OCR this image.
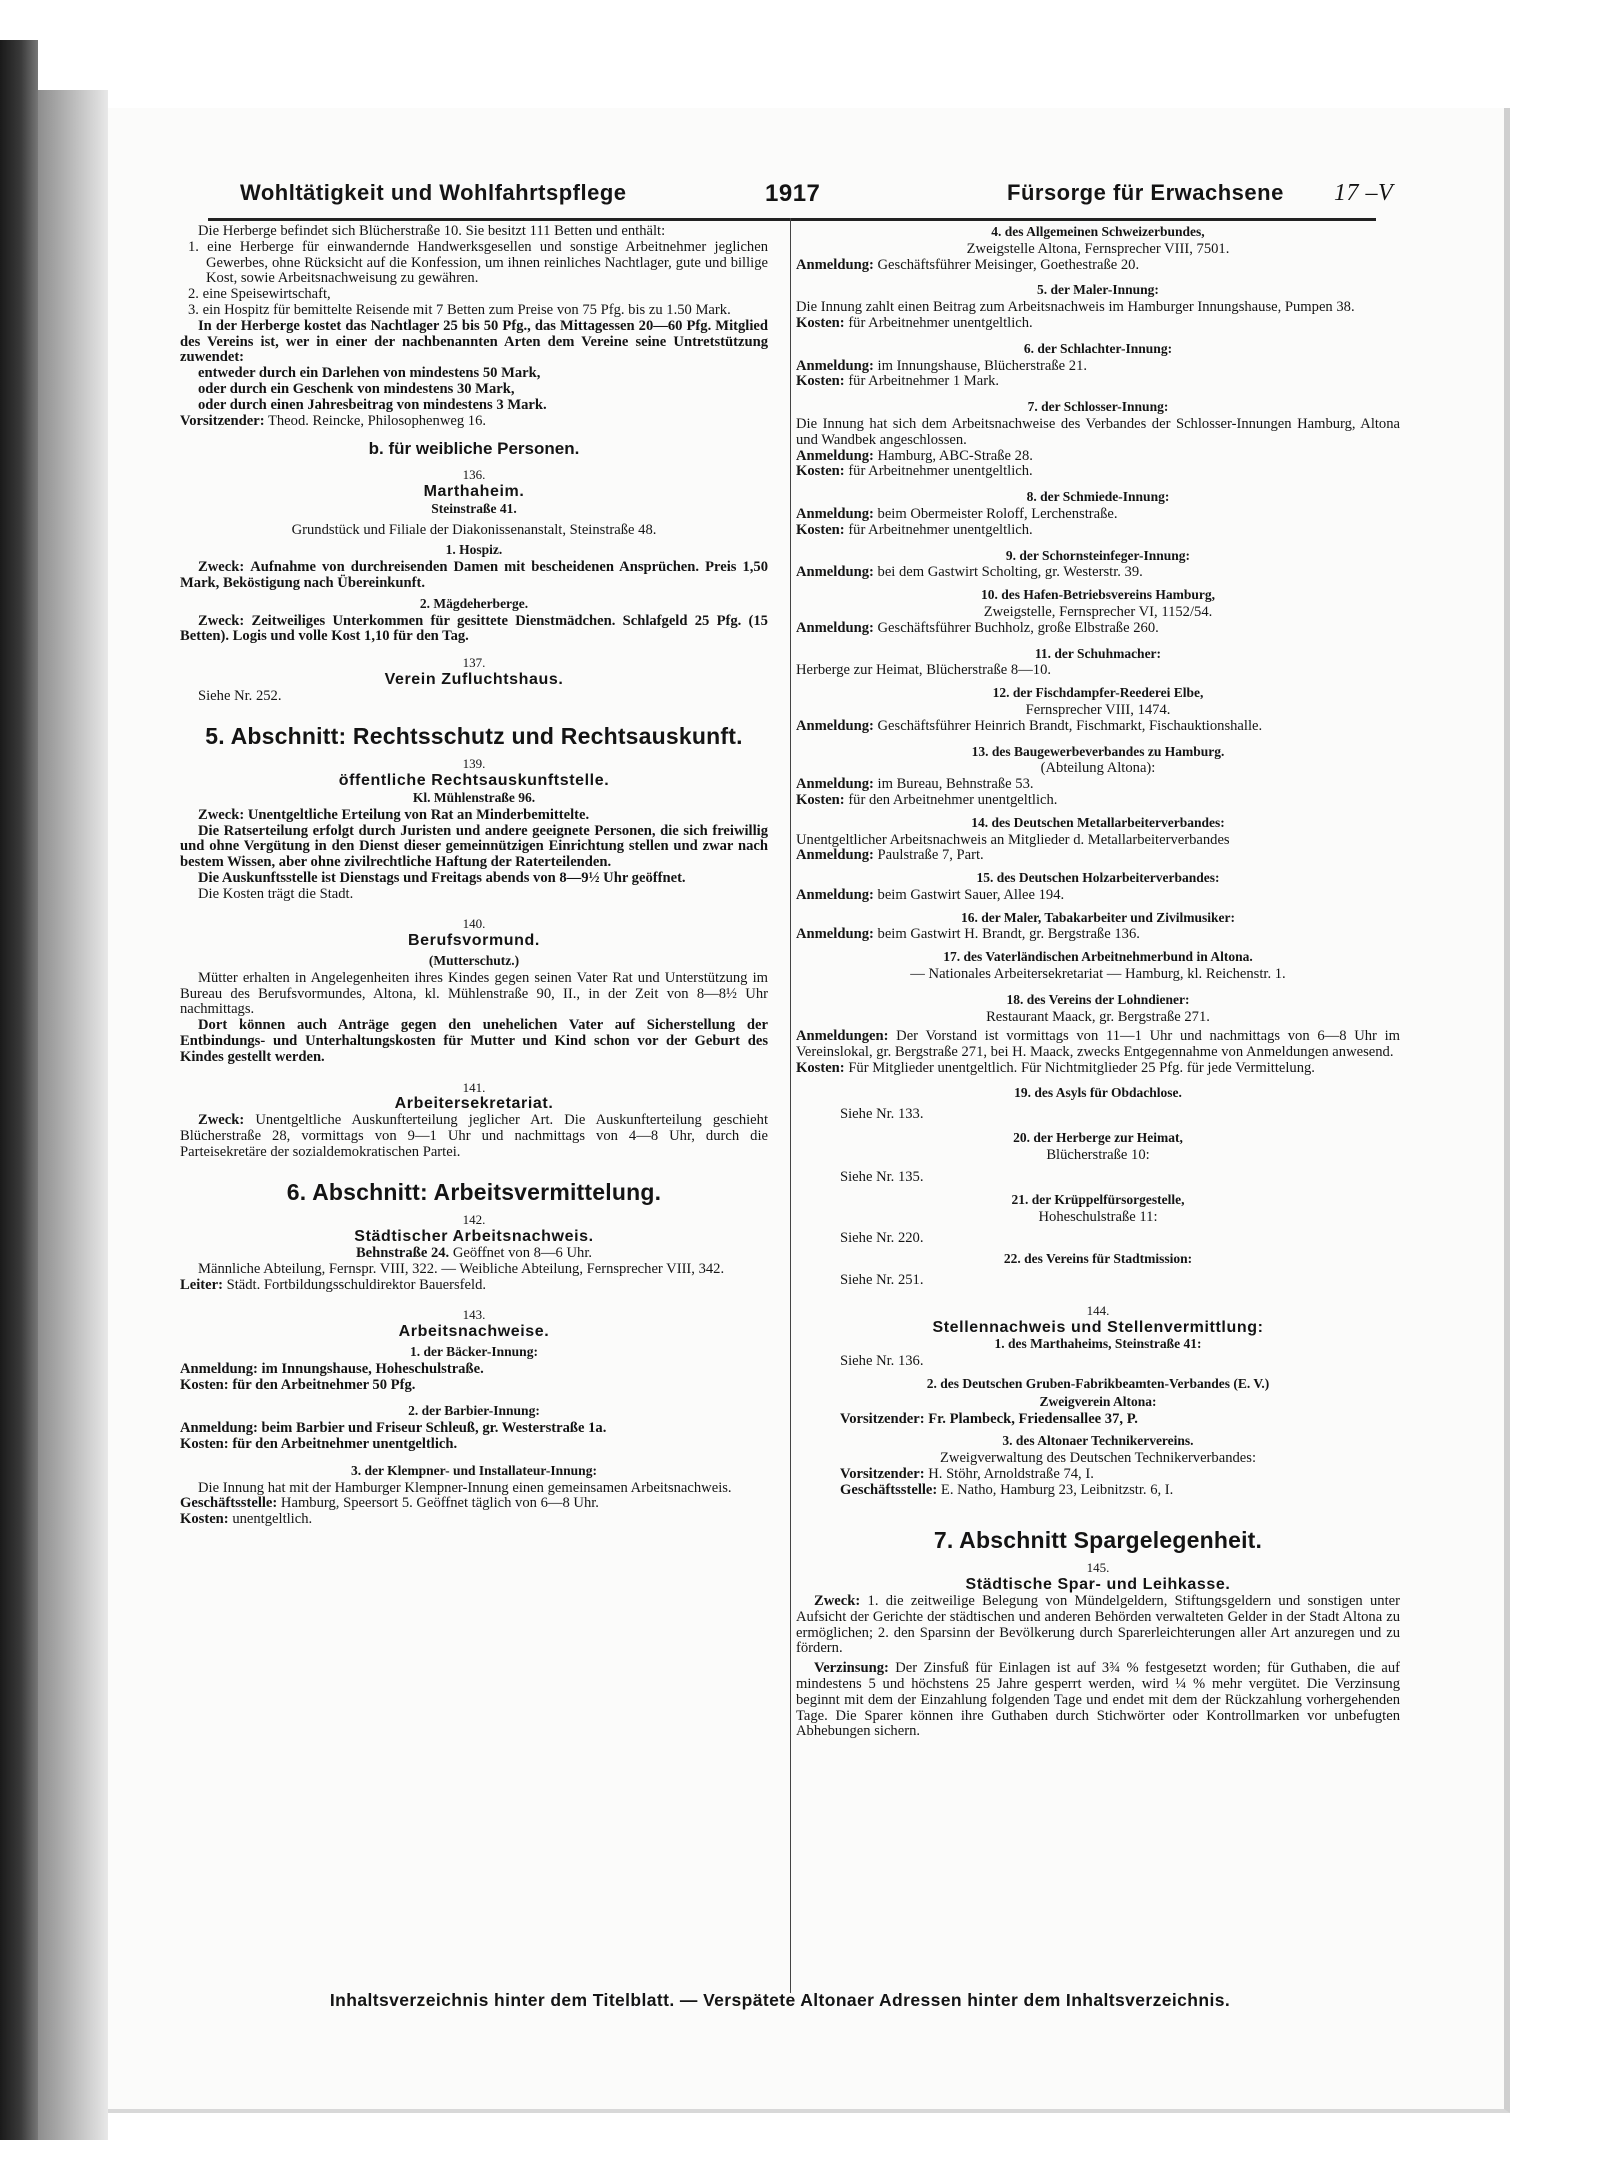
Wohltätigkeit und Wohlfahrtspflege	1917	Fürsorge für Erwachsene 17 –V

Die Herberge befindet sich Blücherstraße 10. Sie besitzt 111 Betten und enthält:

1. eine Herberge für einwandernde Handwerksgesellen und sonstige Arbeitnehmer jeglichen Gewerbes, ohne Rücksicht auf die Konfession, um ihnen reinliches Nachtlager, gute und billige Kost, sowie Arbeitsnachweisung zu gewähren.

2. eine Speisewirtschaft,

3. ein Hospitz für bemittelte Reisende mit 7 Betten zum Preise von 75 Pfg. bis zu 1.50 Mark.

In der Herberge kostet das Nachtlager 25 bis 50 Pfg., das Mittagessen 20—60 Pfg. Mitglied des Vereins ist, wer in einer der nachbenannten Arten dem Vereine seine Untretstützung zuwendet:

entweder durch ein Darlehen von mindestens 50 Mark,

oder durch ein Geschenk von mindestens 30 Mark,

oder durch einen Jahresbeitrag von mindestens 3 Mark.

Vorsitzender: Theod. Reincke, Philosophenweg 16.

b. für weibliche Personen.
136.
Marthaheim.
Steinstraße 41.

Grundstück und Filiale der Diakonissenanstalt, Steinstraße 48.

1. Hospiz.

Zweck: Aufnahme von durchreisenden Damen mit bescheidenen Ansprüchen. Preis 1,50 Mark, Beköstigung nach Übereinkunft.

2. Mägdeherberge.

Zweck: Zeitweiliges Unterkommen für gesittete Dienstmädchen. Schlafgeld 25 Pfg. (15 Betten). Logis und volle Kost 1,10 für den Tag.

137.
Verein Zufluchtshaus.

Siehe Nr. 252.

5. Abschnitt: Rechtsschutz und Rechtsauskunft.
139.
öffentliche Rechtsauskunftstelle.
Kl. Mühlenstraße 96.

Zweck: Unentgeltliche Erteilung von Rat an Minderbemittelte.

Die Ratserteilung erfolgt durch Juristen und andere geeignete Personen, die sich freiwillig und ohne Vergütung in den Dienst dieser gemeinnützigen Einrichtung stellen und zwar nach bestem Wissen, aber ohne zivilrechtliche Haftung der Raterteilenden.

Die Auskunftsstelle ist Dienstags und Freitags abends von 8—9½ Uhr geöffnet.

Die Kosten trägt die Stadt.

140.
Berufsvormund.
(Mutterschutz.)

Mütter erhalten in Angelegenheiten ihres Kindes gegen seinen Vater Rat und Unterstützung im Bureau des Berufsvormundes, Altona, kl. Mühlenstraße 90, II., in der Zeit von 8—8½ Uhr nachmittags.

Dort können auch Anträge gegen den unehelichen Vater auf Sicherstellung der Entbindungs- und Unterhaltungskosten für Mutter und Kind schon vor der Geburt des Kindes gestellt werden.

141.
Arbeitersekretariat.

Zweck: Unentgeltliche Auskunfterteilung jeglicher Art. Die Auskunfterteilung geschieht Blücherstraße 28, vormittags von 9—1 Uhr und nachmittags von 4—8 Uhr, durch die Parteisekretäre der sozialdemokratischen Partei.

6. Abschnitt: Arbeitsvermittelung.
142.
Städtischer Arbeitsnachweis.

Behnstraße 24. Geöffnet von 8—6 Uhr.

Männliche Abteilung, Fernspr. VIII, 322. — Weibliche Abteilung, Fernsprecher VIII, 342.

Leiter: Städt. Fortbildungsschuldirektor Bauersfeld.

143.
Arbeitsnachweise.
1. der Bäcker-Innung:

Anmeldung: im Innungshause, Hoheschulstraße.

Kosten: für den Arbeitnehmer 50 Pfg.

2. der Barbier-Innung:

Anmeldung: beim Barbier und Friseur Schleuß, gr. Westerstraße 1a.

Kosten: für den Arbeitnehmer unentgeltlich.

3. der Klempner- und Installateur-Innung:

Die Innung hat mit der Hamburger Klempner-Innung einen gemeinsamen Arbeitsnachweis.

Geschäftsstelle: Hamburg, Speersort 5. Geöffnet täglich von 6—8 Uhr.

Kosten: unentgeltlich.

4. des Allgemeinen Schweizerbundes,

Zweigstelle Altona, Fernsprecher VIII, 7501.

Anmeldung: Geschäftsführer Meisinger, Goethestraße 20.

5. der Maler-Innung:

Die Innung zahlt einen Beitrag zum Arbeitsnachweis im Hamburger Innungshause, Pumpen 38.

Kosten: für Arbeitnehmer unentgeltlich.

6. der Schlachter-Innung:

Anmeldung: im Innungshause, Blücherstraße 21.

Kosten: für Arbeitnehmer 1 Mark.

7. der Schlosser-Innung:

Die Innung hat sich dem Arbeitsnachweise des Verbandes der Schlosser-Innungen Hamburg, Altona und Wandbek angeschlossen.

Anmeldung: Hamburg, ABC-Straße 28.

Kosten: für Arbeitnehmer unentgeltlich.

8. der Schmiede-Innung:

Anmeldung: beim Obermeister Roloff, Lerchenstraße.

Kosten: für Arbeitnehmer unentgeltlich.

9. der Schornsteinfeger-Innung:

Anmeldung: bei dem Gastwirt Scholting, gr. Westerstr. 39.

10. des Hafen-Betriebsvereins Hamburg,

Zweigstelle, Fernsprecher VI, 1152/54.

Anmeldung: Geschäftsführer Buchholz, große Elbstraße 260.

11. der Schuhmacher:

Herberge zur Heimat, Blücherstraße 8—10.

12. der Fischdampfer-Reederei Elbe,

Fernsprecher VIII, 1474.

Anmeldung: Geschäftsführer Heinrich Brandt, Fischmarkt, Fischauktionshalle.

13. des Baugewerbeverbandes zu Hamburg.

(Abteilung Altona):

Anmeldung: im Bureau, Behnstraße 53.

Kosten: für den Arbeitnehmer unentgeltlich.

14. des Deutschen Metallarbeiterverbandes:

Unentgeltlicher Arbeitsnachweis an Mitglieder d. Metallarbeiterverbandes

Anmeldung: Paulstraße 7, Part.

15. des Deutschen Holzarbeiterverbandes:

Anmeldung: beim Gastwirt Sauer, Allee 194.

16. der Maler, Tabakarbeiter und Zivilmusiker:

Anmeldung: beim Gastwirt H. Brandt, gr. Bergstraße 136.

17. des Vaterländischen Arbeitnehmerbund in Altona.

— Nationales Arbeitersekretariat — Hamburg, kl. Reichenstr. 1.

18. des Vereins der Lohndiener:

Restaurant Maack, gr. Bergstraße 271.

Anmeldungen: Der Vorstand ist vormittags von 11—1 Uhr und nachmittags von 6—8 Uhr im Vereinslokal, gr. Bergstraße 271, bei H. Maack, zwecks Entgegennahme von Anmeldungen anwesend.

Kosten: Für Mitglieder unentgeltlich. Für Nichtmitglieder 25 Pfg. für jede Vermittelung.

19. des Asyls für Obdachlose.

Siehe Nr. 133.

20. der Herberge zur Heimat,

Blücherstraße 10:

Siehe Nr. 135.

21. der Krüppelfürsorgestelle,

Hoheschulstraße 11:

Siehe Nr. 220.

22. des Vereins für Stadtmission:

Siehe Nr. 251.

144.
Stellennachweis und Stellenvermittlung:
1. des Marthaheims, Steinstraße 41:

Siehe Nr. 136.

2. des Deutschen Gruben-Fabrikbeamten-Verbandes (E. V.)
Zweigverein Altona:

Vorsitzender: Fr. Plambeck, Friedensallee 37, P.

3. des Altonaer Technikervereins.

Zweigverwaltung des Deutschen Technikerverbandes:

Vorsitzender: H. Stöhr, Arnoldstraße 74, I.

Geschäftsstelle: E. Natho, Hamburg 23, Leibnitzstr. 6, I.

7. Abschnitt Spargelegenheit.
145.
Städtische Spar- und Leihkasse.

Zweck: 1. die zeitweilige Belegung von Mündelgeldern, Stiftungsgeldern und sonstigen unter Aufsicht der Gerichte der städtischen und anderen Behörden verwalteten Gelder in der Stadt Altona zu ermöglichen; 2. den Sparsinn der Bevölkerung durch Sparerleichterungen aller Art anzuregen und zu fördern.

Verzinsung: Der Zinsfuß für Einlagen ist auf 3¾ % festgesetzt worden; für Guthaben, die auf mindestens 5 und höchstens 25 Jahre gesperrt werden, wird ¼ % mehr vergütet. Die Verzinsung beginnt mit dem der Einzahlung folgenden Tage und endet mit dem der Rückzahlung vorhergehenden Tage. Die Sparer können ihre Guthaben durch Stichwörter oder Kontrollmarken vor unbefugten Abhebungen sichern.

Inhaltsverzeichnis hinter dem Titelblatt. — Verspätete Altonaer Adressen hinter dem Inhaltsverzeichnis.
